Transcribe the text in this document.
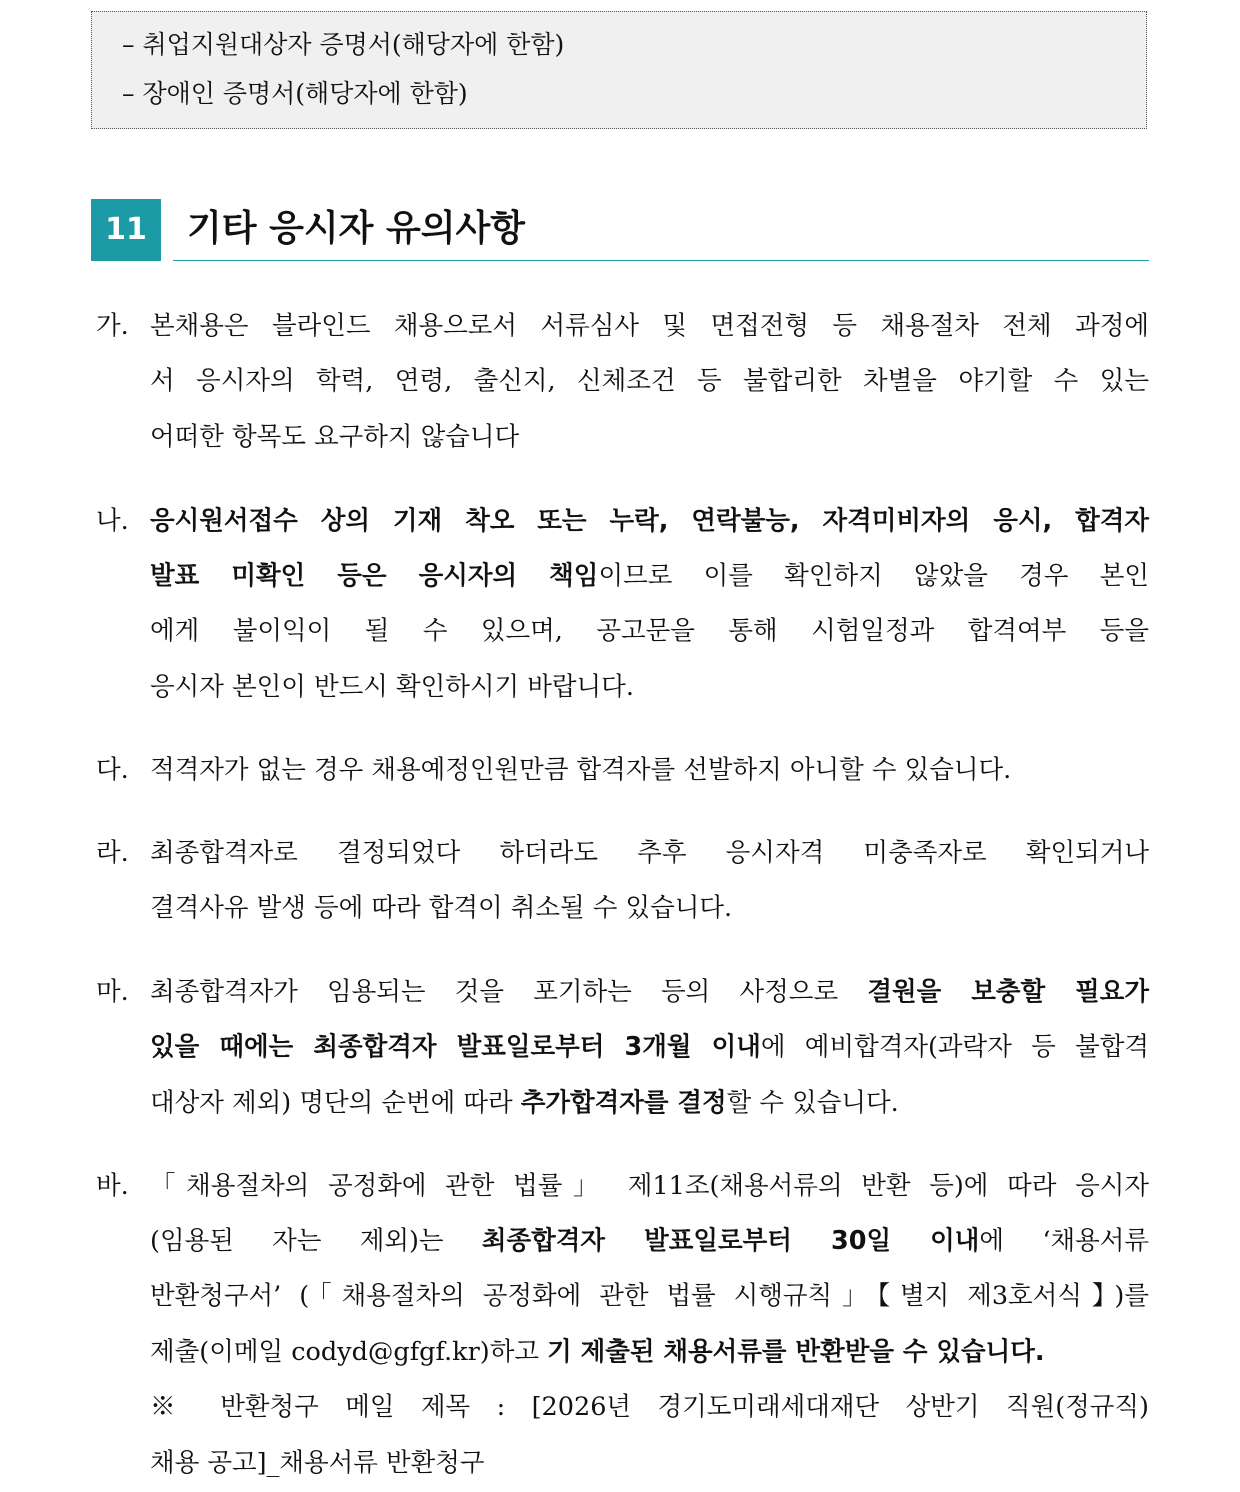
– 취업지원대상자 증명서(해당자에 한함)
– 장애인 증명서(해당자에 한함)
11	기타 응시자 유의사항
가. 본채용은 블라인드 채용으로서 서류심사 및 면접전형 등 채용절차 전체 과정에
서 응시자의 학력, 연령, 출신지, 신체조건 등 불합리한 차별을 야기할 수 있는
어떠한 항목도 요구하지 않습니다
나. 응시원서접수 상의 기재 착오 또는 누락, 연락불능, 자격미비자의 응시, 합격자
발표 미확인 등은 응시자의 책임이므로 이를 확인하지 않았을 경우 본인
에게 불이익이 될 수 있으며, 공고문을 통해 시험일정과 합격여부 등을
응시자 본인이 반드시 확인하시기 바랍니다.
다. 적격자가 없는 경우 채용예정인원만큼 합격자를 선발하지 아니할 수 있습니다.
라. 최종합격자로 결정되었다 하더라도 추후 응시자격 미충족자로 확인되거나
결격사유 발생 등에 따라 합격이 취소될 수 있습니다.
마. 최종합격자가 임용되는 것을 포기하는 등의 사정으로 결원을 보충할 필요가
있을 때에는 최종합격자 발표일로부터 3개월 이내에 예비합격자(과락자 등 불합격
대상자 제외) 명단의 순번에 따라 추가합격자를 결정할 수 있습니다.
바. 「채용절차의 공정화에 관한 법률」 제11조(채용서류의 반환 등)에 따라 응시자
(임용된 자는 제외)는 최종합격자 발표일로부터 30일 이내에 ‘채용서류
반환청구서’ (「채용절차의 공정화에 관한 법률 시행규칙」【별지 제3호서식】)를
제출(이메일 codyd@gfgf.kr)하고 기 제출된 채용서류를 반환받을 수 있습니다.
※ 반환청구 메일 제목 : [2026년 경기도미래세대재단 상반기 직원(정규직)
채용 공고]_채용서류 반환청구
